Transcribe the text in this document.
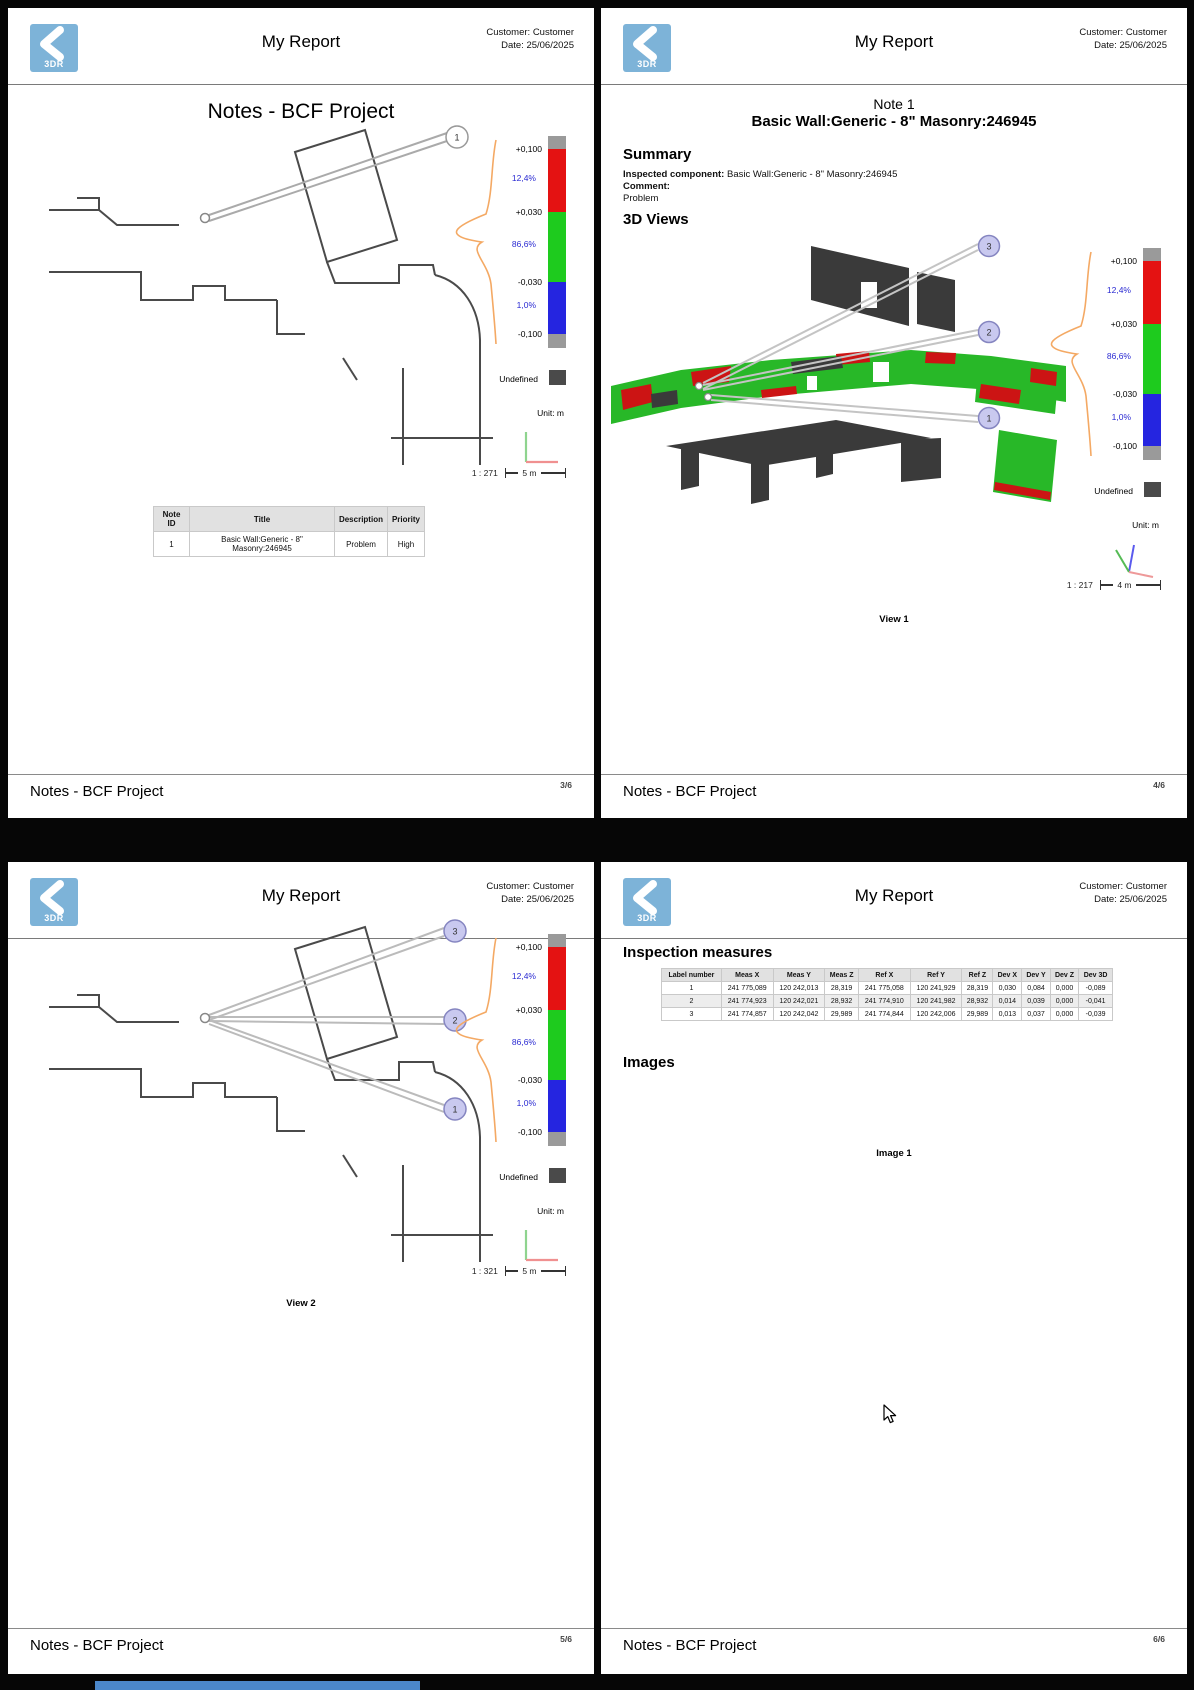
3DR
My Report	Customer: Customer
Date: 25/06/2025
Notes - BCF Project
1
+0,100
12,4%
+0,030
86,6%
-0,030
1,0%
-0,100
Undefined
Unit: m
1 : 271	5 m
Note ID	Title	Description	Priority
1	Basic Wall:Generic - 8" Masonry:246945	Problem	High
Notes - BCF Project	3/6
3DR
My Report	Customer: Customer
Date: 25/06/2025
Note 1
Basic Wall:Generic - 8" Masonry:246945
Summary
Inspected component: Basic Wall:Generic - 8" Masonry:246945
Comment:
Problem
3D Views
3
2
1
+0,100
12,4%
+0,030
86,6%
-0,030
1,0%
-0,100
Undefined
Unit: m
1 : 217	4 m
View 1
Notes - BCF Project	4/6
3DR
My Report	Customer: Customer
Date: 25/06/2025
3
2
1
+0,100
12,4%
+0,030
86,6%
-0,030
1,0%
-0,100
Undefined
Unit: m
1 : 321	5 m
View 2
Notes - BCF Project	5/6
3DR
My Report	Customer: Customer
Date: 25/06/2025
Inspection measures
Label number	Meas X	Meas Y	Meas Z	Ref X	Ref Y	Ref Z	Dev X	Dev Y	Dev Z	Dev 3D
1	241 775,089	120 242,013	28,319	241 775,058	120 241,929	28,319	0,030	0,084	0,000	-0,089
2	241 774,923	120 242,021	28,932	241 774,910	120 241,982	28,932	0,014	0,039	0,000	-0,041
3	241 774,857	120 242,042	29,989	241 774,844	120 242,006	29,989	0,013	0,037	0,000	-0,039
Images
Image 1
Notes - BCF Project	6/6
